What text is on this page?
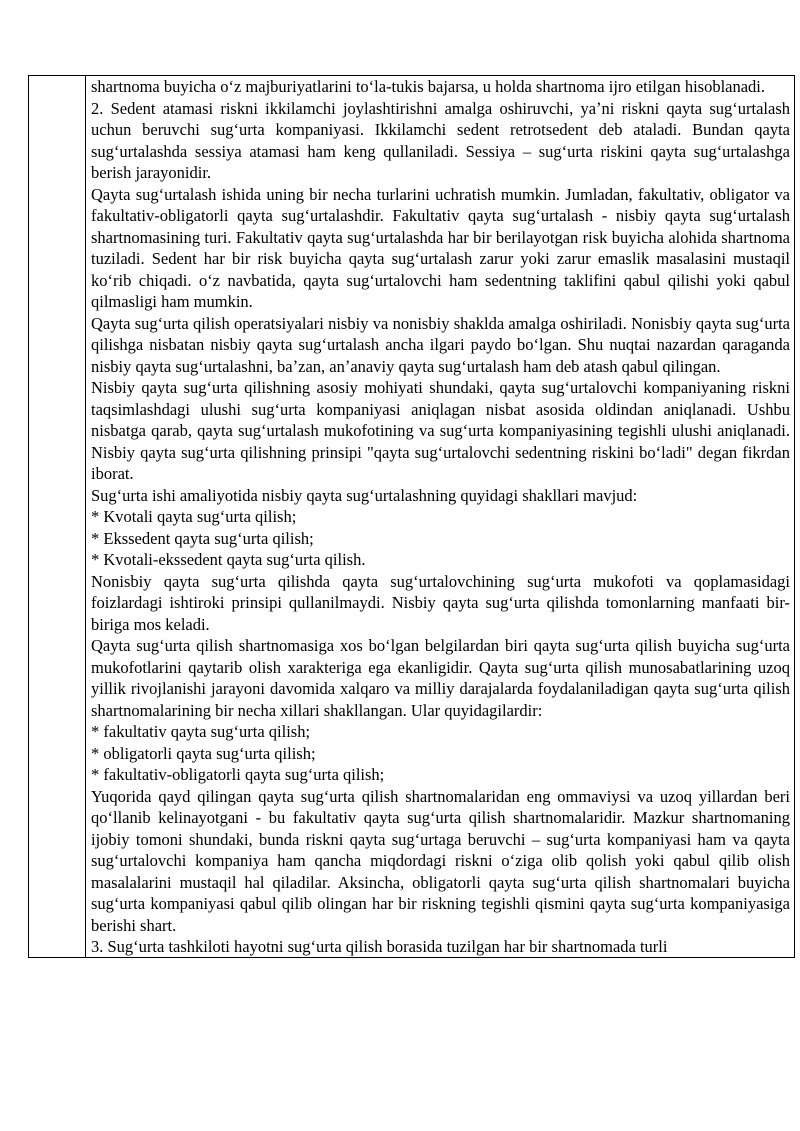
shartnoma buyicha oʻz majburiyatlarini toʻla-tukis bajarsa, u holda shartnoma ijro etilgan hisoblanadi.
2. Sedent atamasi riskni ikkilamchi joylashtirishni amalga oshiruvchi, yaʼni riskni qayta sugʻurtalash uchun beruvchi sugʻurta kompaniyasi. Ikkilamchi sedent retrotsedent deb ataladi. Bundan qayta sugʻurtalashda sessiya atamasi ham keng qullaniladi. Sessiya – sugʻurta riskini qayta sugʻurtalashga berish jarayonidir.
Qayta sugʻurtalash ishida uning bir necha turlarini uchratish mumkin. Jumladan, fakultativ, obligator va fakultativ-obligatorli qayta sugʻurtalashdir. Fakultativ qayta sugʻurtalash - nisbiy qayta sugʻurtalash shartnomasining turi. Fakultativ qayta sugʻurtalashda har bir berilayotgan risk buyicha alohida shartnoma tuziladi. Sedent har bir risk buyicha qayta sugʻurtalash zarur yoki zarur emaslik masalasini mustaqil koʻrib chiqadi. oʻz navbatida, qayta sugʻurtalovchi ham sedentning taklifini qabul qilishi yoki qabul qilmasligi ham mumkin.
Qayta sugʻurta qilish operatsiyalari nisbiy va nonisbiy shaklda amalga oshiriladi. Nonisbiy qayta sugʻurta qilishga nisbatan nisbiy qayta sugʻurtalash ancha ilgari paydo boʻlgan. Shu nuqtai nazardan qaraganda nisbiy qayta sugʻurtalashni, baʼzan, anʼanaviy qayta sugʻurtalash ham deb atash qabul qilingan.
Nisbiy qayta sugʻurta qilishning asosiy mohiyati shundaki, qayta sugʻurtalovchi kompaniyaning riskni taqsimlashdagi ulushi sugʻurta kompaniyasi aniqlagan nisbat asosida oldindan aniqlanadi. Ushbu nisbatga qarab, qayta sugʻurtalash mukofotining va sugʻurta kompaniyasining tegishli ulushi aniqlanadi. Nisbiy qayta sugʻurta qilishning prinsipi "qayta sugʻurtalovchi sedentning riskini boʻladi" degan fikrdan iborat.
Sugʻurta ishi amaliyotida nisbiy qayta sugʻurtalashning quyidagi shakllari mavjud:
* Kvotali qayta sugʻurta qilish;
* Ekssedent qayta sugʻurta qilish;
* Kvotali-ekssedent qayta sugʻurta qilish.
Nonisbiy qayta sugʻurta qilishda qayta sugʻurtalovchining sugʻurta mukofoti va qoplamasidagi foizlardagi ishtiroki prinsipi qullanilmaydi. Nisbiy qayta sugʻurta qilishda tomonlarning manfaati bir-biriga mos keladi.
Qayta sugʻurta qilish shartnomasiga xos boʻlgan belgilardan biri qayta sugʻurta qilish buyicha sugʻurta mukofotlarini qaytarib olish xarakteriga ega ekanligidir. Qayta sugʻurta qilish munosabatlarining uzoq yillik rivojlanishi jarayoni davomida xalqaro va milliy darajalarda foydalaniladigan qayta sugʻurta qilish shartnomalarining bir necha xillari shakllangan. Ular quyidagilardir:
* fakultativ qayta sugʻurta qilish;
* obligatorli qayta sugʻurta qilish;
* fakultativ-obligatorli qayta sugʻurta qilish;
Yuqorida qayd qilingan qayta sugʻurta qilish shartnomalaridan eng ommaviysi va uzoq yillardan beri qoʻllanib kelinayotgani - bu fakultativ qayta sugʻurta qilish shartnomalaridir. Mazkur shartnomaning ijobiy tomoni shundaki, bunda riskni qayta sugʻurtaga beruvchi – sugʻurta kompaniyasi ham va qayta sugʻurtalovchi kompaniya ham qancha miqdordagi riskni oʻziga olib qolish yoki qabul qilib olish masalalarini mustaqil hal qiladilar. Aksincha, obligatorli qayta sugʻurta qilish shartnomalari buyicha sugʻurta kompaniyasi qabul qilib olingan har bir riskning tegishli qismini qayta sugʻurta kompaniyasiga berishi shart.
3. Sugʻurta tashkiloti hayotni sugʻurta qilish borasida tuzilgan har bir shartnomada turli
